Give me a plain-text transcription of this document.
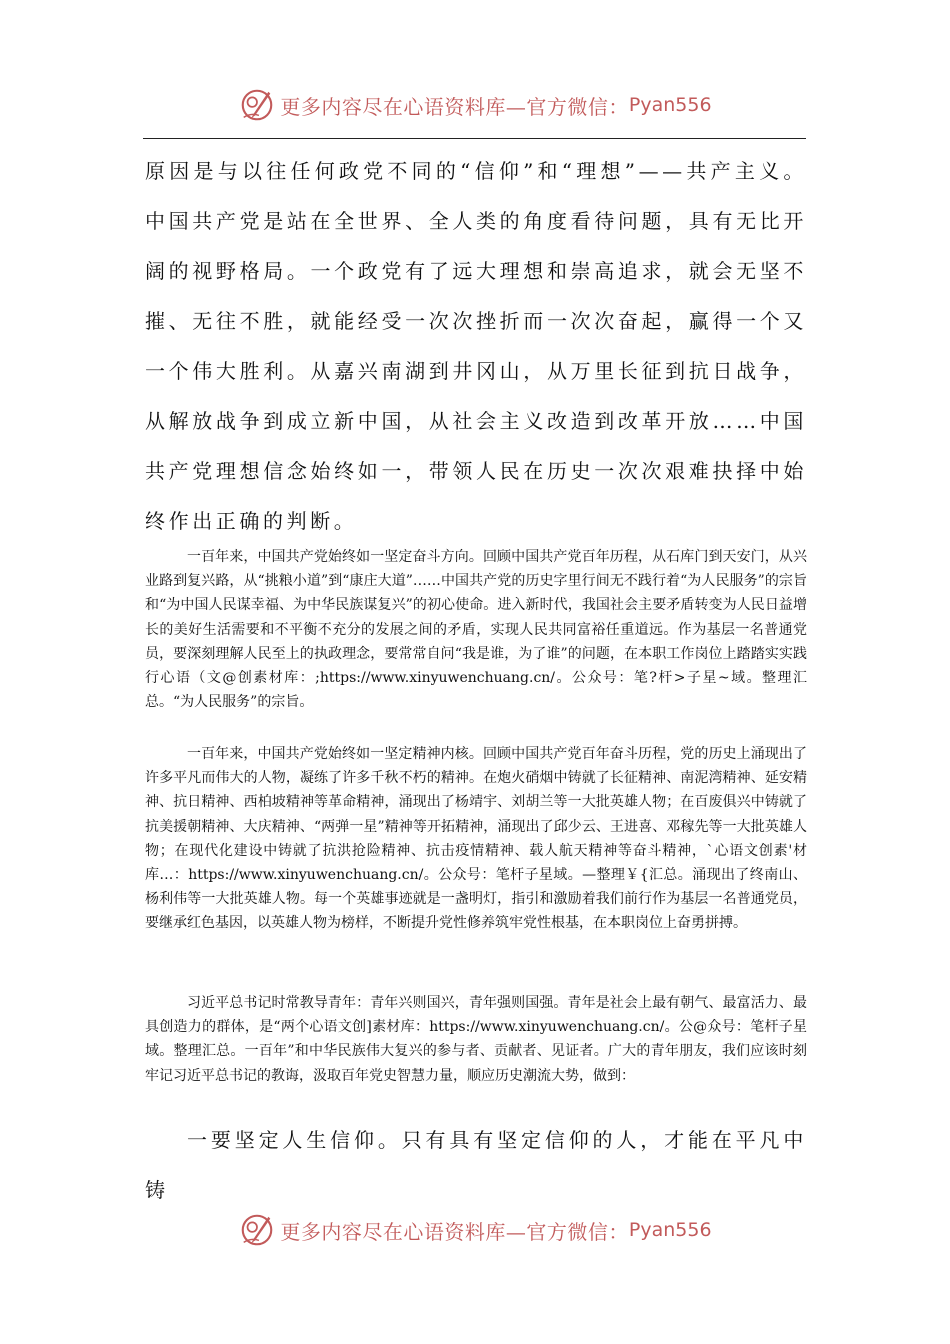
更多内容尽在心语资料库—官方微信： Pyan556

原因是与以往任何政党不同的“信仰”和“理想”——共产主义。中国共产党是站在全世界、全人类的角度看待问题，具有无比开阔的视野格局。一个政党有了远大理想和崇高追求，就会无坚不摧、无往不胜，就能经受一次次挫折而一次次奋起，赢得一个又一个伟大胜利。从嘉兴南湖到井冈山，从万里长征到抗日战争，从解放战争到成立新中国，从社会主义改造到改革开放……中国共产党理想信念始终如一，带领人民在历史一次次艰难抉择中始终作出正确的判断。

一百年来，中国共产党始终如一坚定奋斗方向。回顾中国共产党百年历程，从石库门到天安门，从兴业路到复兴路，从“挑粮小道”到“康庄大道”……中国共产党的历史字里行间无不践行着“为人民服务”的宗旨和“为中国人民谋幸福、为中华民族谋复兴”的初心使命。进入新时代，我国社会主要矛盾转变为人民日益增长的美好生活需要和不平衡不充分的发展之间的矛盾，实现人民共同富裕任重道远。作为基层一名普通党员，要深刻理解人民至上的执政理念，要常常自问“我是谁，为了谁”的问题，在本职工作岗位上踏踏实实践行心语（文@创素材库：;https://www.xinyuwenchuang.cn/。公众号：笔?杆>子星~域。整理汇总。“为人民服务”的宗旨。

一百年来，中国共产党始终如一坚定精神内核。回顾中国共产党百年奋斗历程，党的历史上涌现出了许多平凡而伟大的人物，凝练了许多千秋不朽的精神。在炮火硝烟中铸就了长征精神、南泥湾精神、延安精神、抗日精神、西柏坡精神等革命精神，涌现出了杨靖宇、刘胡兰等一大批英雄人物；在百废俱兴中铸就了抗美援朝精神、大庆精神、“两弹一星”精神等开拓精神，涌现出了邱少云、王进喜、邓稼先等一大批英雄人物；在现代化建设中铸就了抗洪抢险精神、抗击疫情精神、载人航天精神等奋斗精神，`心语文创素'材库…：https://www.xinyuwenchuang.cn/。公众号：笔杆子星域。—整理￥{汇总。涌现出了终南山、杨利伟等一大批英雄人物。每一个英雄事迹就是一盏明灯，指引和激励着我们前行作为基层一名普通党员，要继承红色基因，以英雄人物为榜样，不断提升党性修养筑牢党性根基，在本职岗位上奋勇拼搏。

习近平总书记时常教导青年：青年兴则国兴，青年强则国强。青年是社会上最有朝气、最富活力、最具创造力的群体，是“两个心语文创]素材库：https://www.xinyuwenchuang.cn/。公@众号：笔杆子星域。整理汇总。一百年”和中华民族伟大复兴的参与者、贡献者、见证者。广大的青年朋友，我们应该时刻牢记习近平总书记的教诲，汲取百年党史智慧力量，顺应历史潮流大势，做到：

一要坚定人生信仰。只有具有坚定信仰的人，才能在平凡中铸

更多内容尽在心语资料库—官方微信： Pyan556
